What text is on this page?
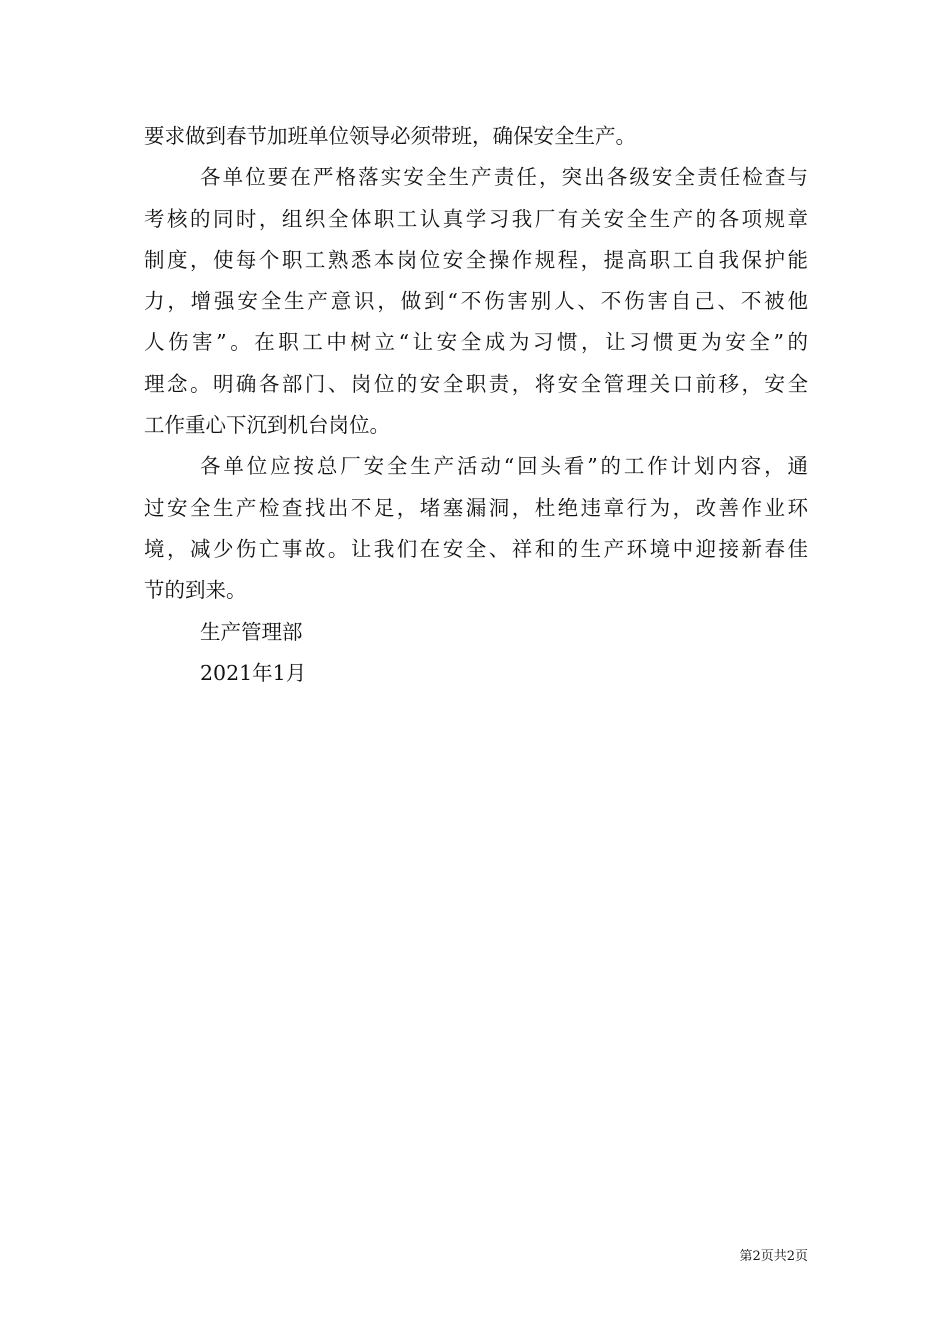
要求做到春节加班单位领导必须带班，确保安全生产。
各单位要在严格落实安全生产责任，突出各级安全责任检查与
考核的同时，组织全体职工认真学习我厂有关安全生产的各项规章
制度，使每个职工熟悉本岗位安全操作规程，提高职工自我保护能
力，增强安全生产意识，做到“不伤害别人、不伤害自己、不被他
人伤害”。在职工中树立“让安全成为习惯，让习惯更为安全”的
理念。明确各部门、岗位的安全职责，将安全管理关口前移，安全
工作重心下沉到机台岗位。
各单位应按总厂安全生产活动“回头看”的工作计划内容，通
过安全生产检查找出不足，堵塞漏洞，杜绝违章行为，改善作业环
境，减少伤亡事故。让我们在安全、祥和的生产环境中迎接新春佳
节的到来。
生产管理部
2021年1月
第2页共2页
